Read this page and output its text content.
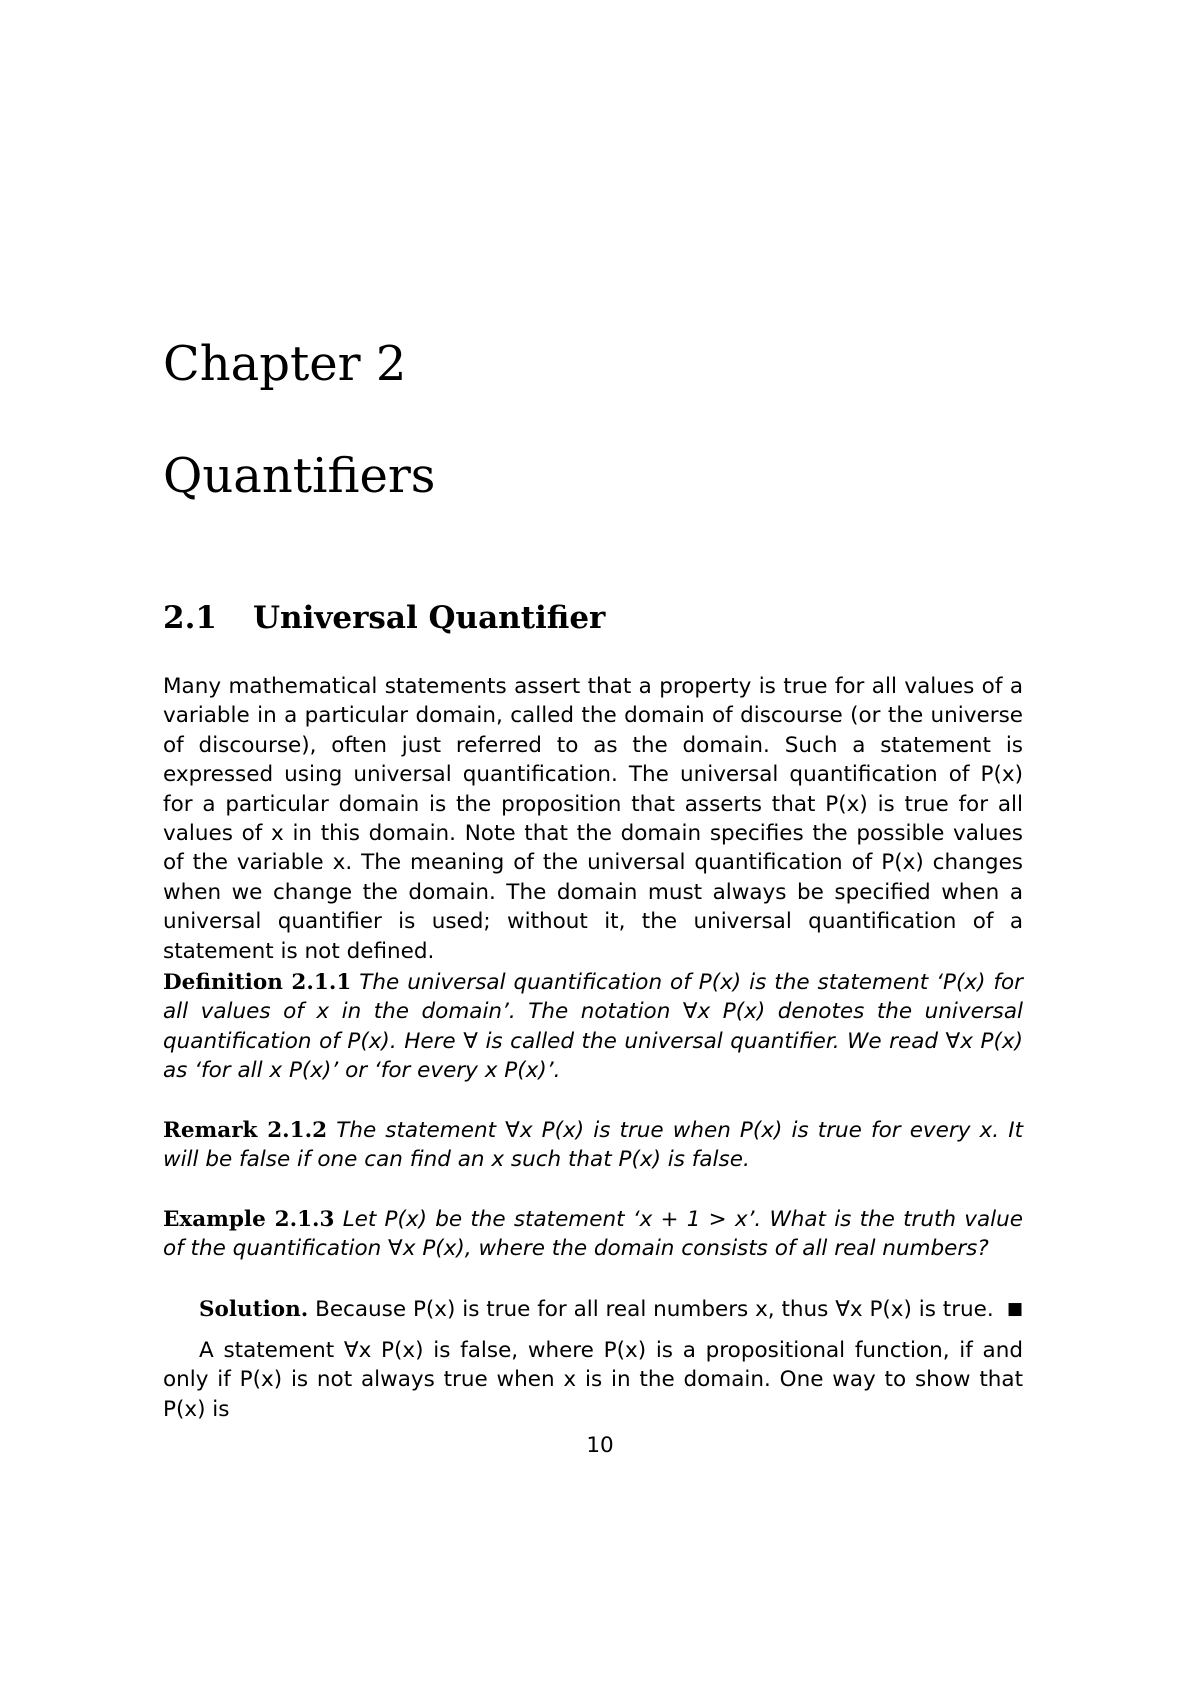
Chapter 2
Quantifiers
2.1 Universal Quantifier

Many mathematical statements assert that a property is true for all values of a variable in a particular domain, called the domain of discourse (or the universe of discourse), often just referred to as the domain. Such a statement is expressed using universal quantification. The universal quantification of P(x) for a particular domain is the proposition that asserts that P(x) is true for all values of x in this domain. Note that the domain specifies the possible values of the variable x. The meaning of the universal quantification of P(x) changes when we change the domain. The domain must always be specified when a universal quantifier is used; without it, the universal quantification of a statement is not defined.

Definition 2.1.1 The universal quantification of P(x) is the statement ‘P(x) for all values of x in the domain’. The notation ∀x P(x) denotes the universal quantification of P(x). Here ∀ is called the universal quantifier. We read ∀x P(x) as ‘for all x P(x)’ or ‘for every x P(x)’.

Remark 2.1.2 The statement ∀x P(x) is true when P(x) is true for every x. It will be false if one can find an x such that P(x) is false.

Example 2.1.3 Let P(x) be the statement ‘x + 1 > x’. What is the truth value of the quantification ∀x P(x), where the domain consists of all real numbers?

■
Solution. Because P(x) is true for all real numbers x, thus ∀x P(x) is true.

A statement ∀x P(x) is false, where P(x) is a propositional function, if and only if P(x) is not always true when x is in the domain. One way to show that P(x) is

10
